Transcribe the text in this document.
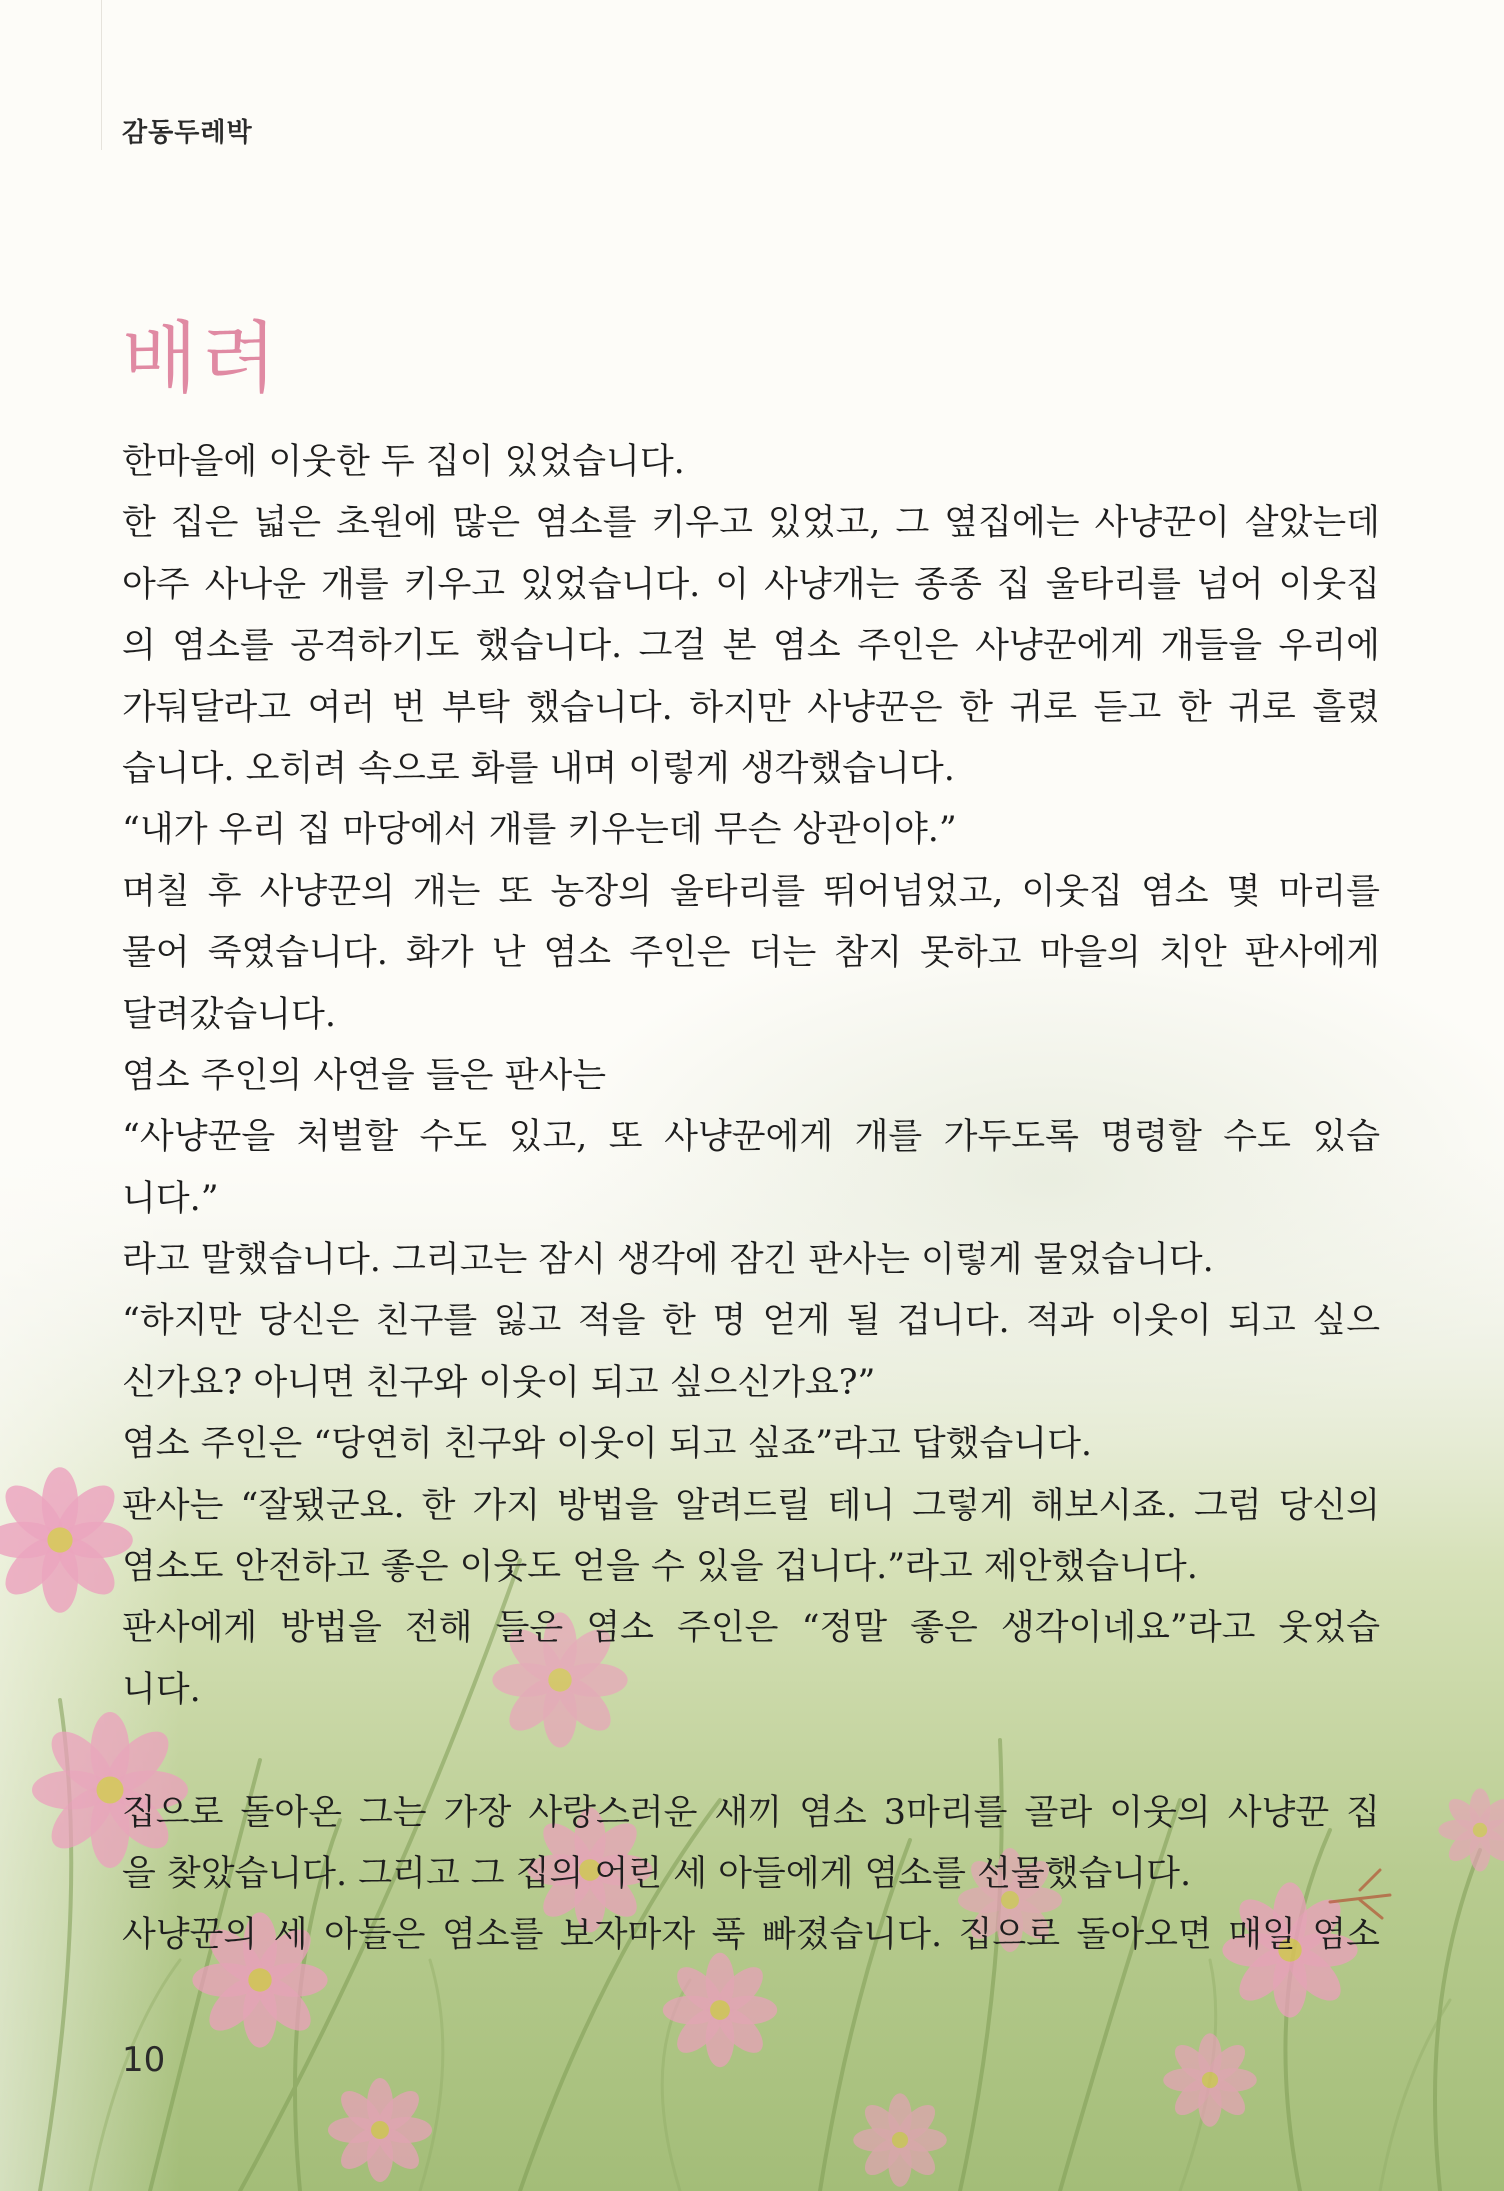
감동두레박
배려
한마을에 이웃한 두 집이 있었습니다.
한 집은 넓은 초원에 많은 염소를 키우고 있었고, 그 옆집에는 사냥꾼이 살았는데
아주 사나운 개를 키우고 있었습니다. 이 사냥개는 종종 집 울타리를 넘어 이웃집
의 염소를 공격하기도 했습니다. 그걸 본 염소 주인은 사냥꾼에게 개들을 우리에
가둬달라고 여러 번 부탁 했습니다. 하지만 사냥꾼은 한 귀로 듣고 한 귀로 흘렸
습니다. 오히려 속으로 화를 내며 이렇게 생각했습니다.
“내가 우리 집 마당에서 개를 키우는데 무슨 상관이야.”
며칠 후 사냥꾼의 개는 또 농장의 울타리를 뛰어넘었고, 이웃집 염소 몇 마리를
물어 죽였습니다. 화가 난 염소 주인은 더는 참지 못하고 마을의 치안 판사에게
달려갔습니다.
염소 주인의 사연을 들은 판사는
“사냥꾼을 처벌할 수도 있고, 또 사냥꾼에게 개를 가두도록 명령할 수도 있습
니다.”
라고 말했습니다. 그리고는 잠시 생각에 잠긴 판사는 이렇게 물었습니다.
“하지만 당신은 친구를 잃고 적을 한 명 얻게 될 겁니다. 적과 이웃이 되고 싶으
신가요? 아니면 친구와 이웃이 되고 싶으신가요?”
염소 주인은 “당연히 친구와 이웃이 되고 싶죠”라고 답했습니다.
판사는 “잘됐군요. 한 가지 방법을 알려드릴 테니 그렇게 해보시죠. 그럼 당신의
염소도 안전하고 좋은 이웃도 얻을 수 있을 겁니다.”라고 제안했습니다.
판사에게 방법을 전해 들은 염소 주인은 “정말 좋은 생각이네요”라고 웃었습
니다.
집으로 돌아온 그는 가장 사랑스러운 새끼 염소 3마리를 골라 이웃의 사냥꾼 집
을 찾았습니다. 그리고 그 집의 어린 세 아들에게 염소를 선물했습니다.
사냥꾼의 세 아들은 염소를 보자마자 푹 빠졌습니다. 집으로 돌아오면 매일 염소
10
